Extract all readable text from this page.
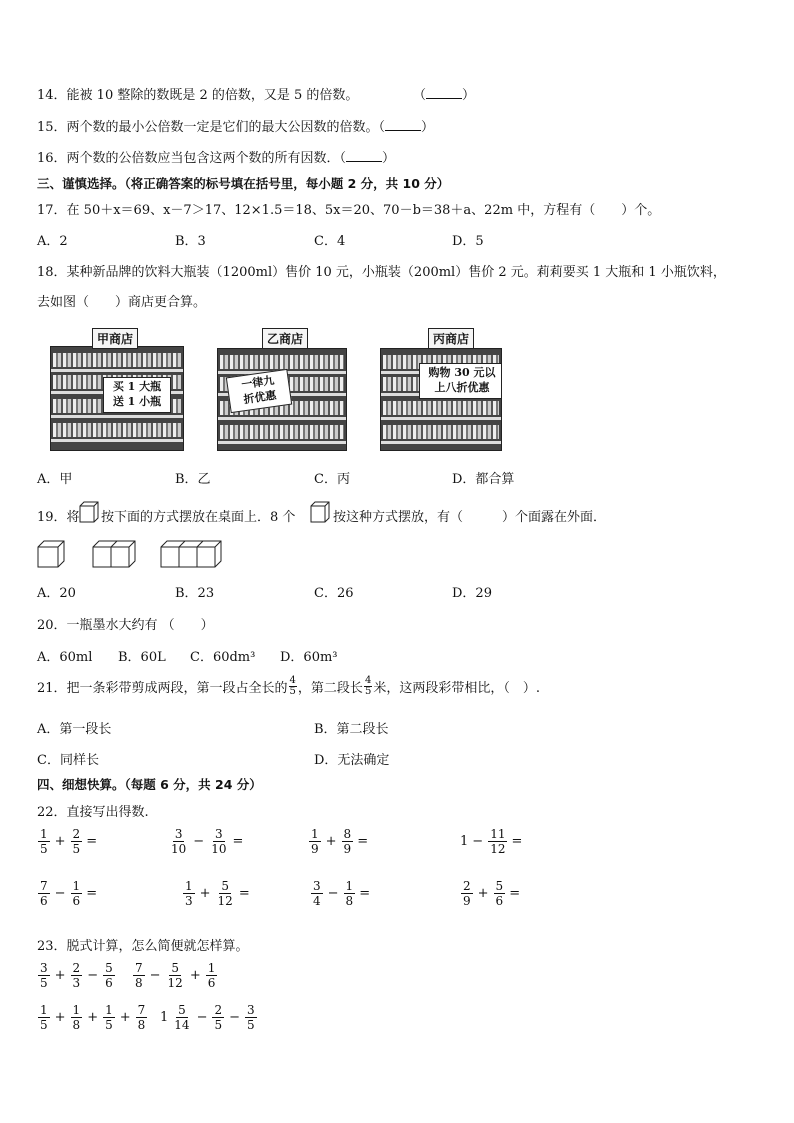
14．能被 10 整除的数既是 2 的倍数，又是 5 的倍数。	（	）
15．两个数的最小公倍数一定是它们的最大公因数的倍数。（	）
16．两个数的公倍数应当包含这两个数的所有因数．（	）
三、谨慎选择。（将正确答案的标号填在括号里，每小题 2 分，共 10 分）
17．在 50＋x＝69、x－7＞17、12×1.5＝18、5x＝20、70－b＝38＋a、22m 中，方程有（　　）个。
A．2	B．3	C．4	D．5
18．某种新品牌的饮料大瓶装（1200ml）售价 10 元，小瓶装（200ml）售价 2 元。莉莉要买 1 大瓶和 1 小瓶饮料，
去如图（　　）商店更合算。
买 1 大瓶
送 1 小瓶
甲商店
一律九
折优惠
乙商店
购物 30 元以
上八折优惠
丙商店
A．甲	B．乙	C．丙	D．都合算
19．将 按下面的方式摆放在桌面上．8 个	按这种方式摆放，有（　　　）个面露在外面．
A．20	B．23	C．26	D．29
20．一瓶墨水大约有 （　　）
A．60ml B．60L C．60dm³ D．60m³
21．把一条彩带剪成两段，第一段占全长的 $\frac{4}{5}$ ，第二段长 $\frac{4}{5}$ 米，这两段彩带相比，（　）.
A．第一段长	B．第二段长
C．同样长	D．无法确定
四、细想快算。（每题 6 分，共 24 分）
22．直接写出得数.
$\frac{1}{5} + \frac{2}{5}$ =	$\frac{3}{10} - \frac{3}{10}$ =	$\frac{1}{9} + \frac{8}{9}$ =	$1 - \frac{11}{12}$ =
$\frac{7}{6} - \frac{1}{6}$ =	$\frac{1}{3} + \frac{5}{12}$ =	$\frac{3}{4} - \frac{1}{8}$ =	$\frac{2}{9} + \frac{5}{6}$ =
23．脱式计算，怎么简便就怎样算。
$\frac{3}{5} + \frac{2}{3} - \frac{5}{6} \frac{7}{8} - \frac{5}{12} + \frac{1}{6}$
$\frac{1}{5} + \frac{1}{8} + \frac{1}{5} + \frac{7}{8} 1 \frac{5}{14} - \frac{2}{5} - \frac{3}{5}$
